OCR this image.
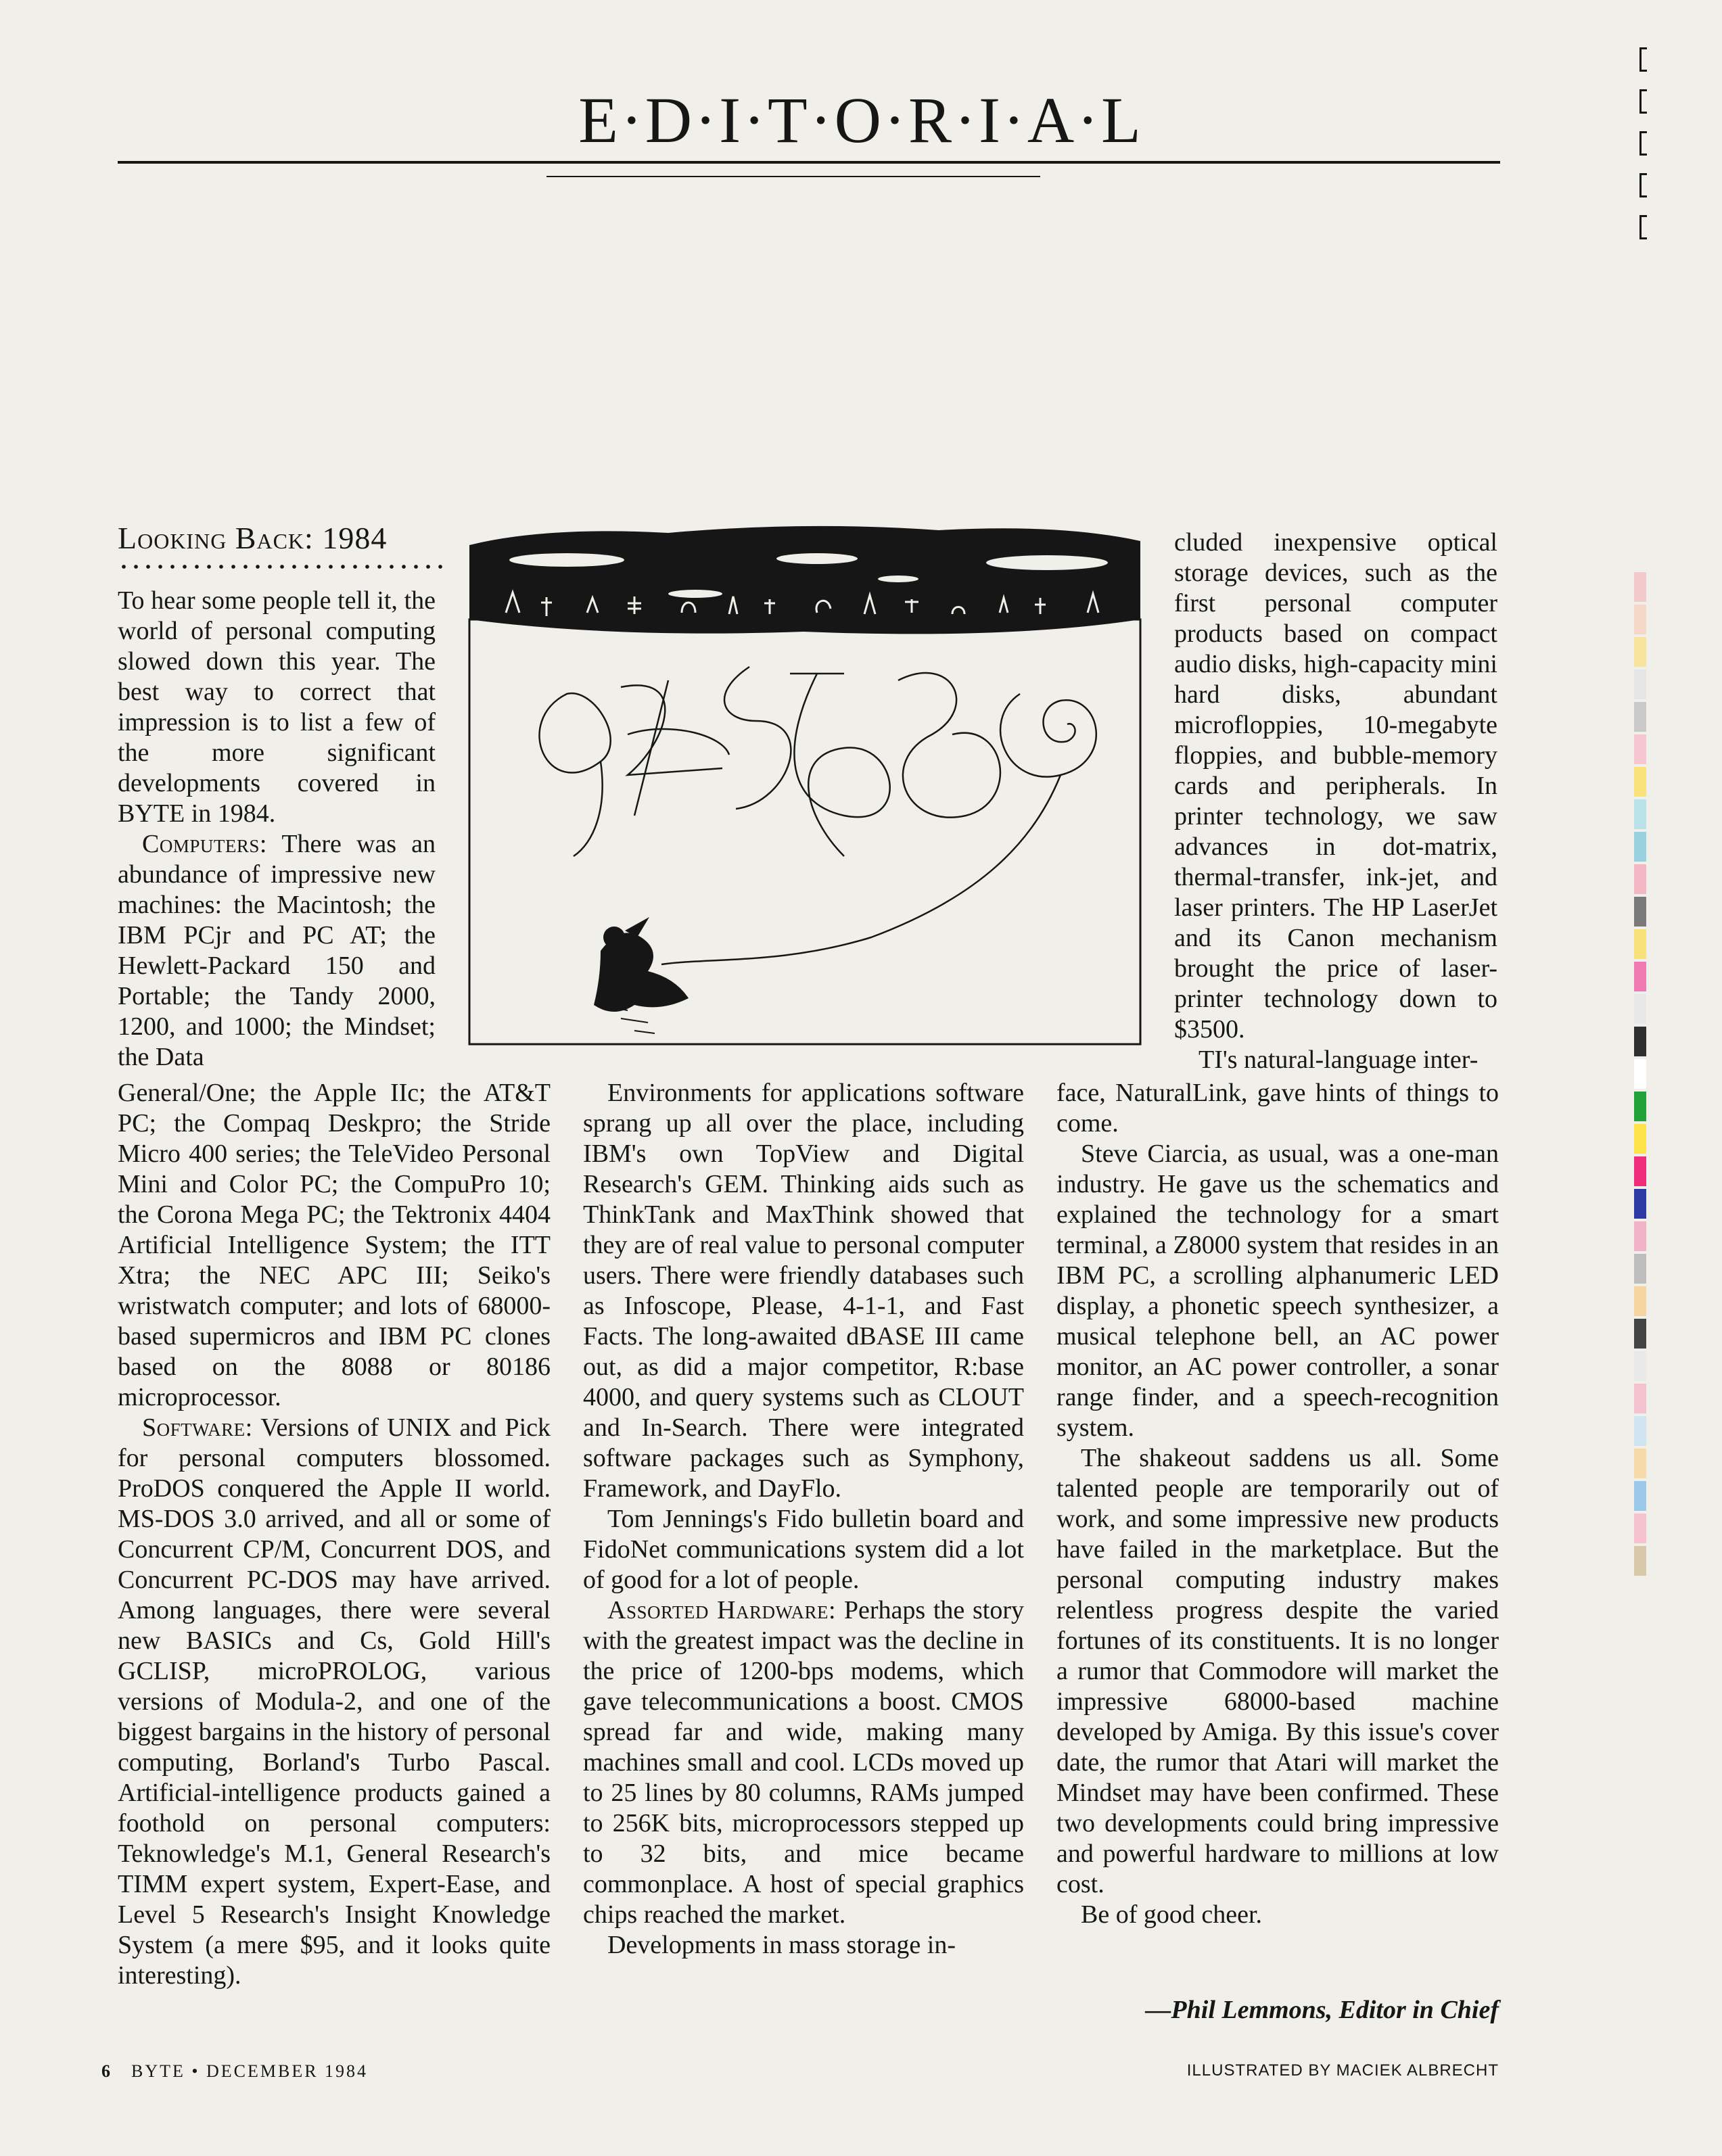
E·D·I·T·O·R·I·A·L
Looking Back: 1984

To hear some people tell it, the world of personal computing slowed down this year. The best way to correct that impression is to list a few of the more significant developments covered in BYTE in 1984.

Computers: There was an abundance of impressive new machines: the Macintosh; the IBM PCjr and PC AT; the Hewlett-Packard 150 and Portable; the Tandy 2000, 1200, and 1000; the Mindset; the Data

General/One; the Apple IIc; the AT&T PC; the Compaq Deskpro; the Stride Micro 400 series; the TeleVideo Personal Mini and Color PC; the CompuPro 10; the Corona Mega PC; the Tektronix 4404 Artificial Intelligence System; the ITT Xtra; the NEC APC III; Seiko's wristwatch computer; and lots of 68000-based supermicros and IBM PC clones based on the 8088 or 80186 microprocessor.

Software: Versions of UNIX and Pick for personal computers blossomed. ProDOS conquered the Apple II world. MS-DOS 3.0 arrived, and all or some of Concurrent CP/M, Concurrent DOS, and Concurrent PC-DOS may have arrived. Among languages, there were several new BASICs and Cs, Gold Hill's GCLISP, microPROLOG, various versions of Modula-2, and one of the biggest bargains in the history of personal computing, Borland's Turbo Pascal. Artificial-intelligence products gained a foothold on personal computers: Teknowledge's M.1, General Research's TIMM expert system, Expert-Ease, and Level 5 Research's Insight Knowledge System (a mere $95, and it looks quite interesting).

Environments for applications software sprang up all over the place, including IBM's own TopView and Digital Research's GEM. Thinking aids such as ThinkTank and MaxThink showed that they are of real value to personal computer users. There were friendly databases such as Infoscope, Please, 4-1-1, and Fast Facts. The long-awaited dBASE III came out, as did a major competitor, R:base 4000, and query systems such as CLOUT and In-Search. There were integrated software packages such as Symphony, Framework, and DayFlo.

Tom Jennings's Fido bulletin board and FidoNet communications system did a lot of good for a lot of people.

Assorted Hardware: Perhaps the story with the greatest impact was the decline in the price of 1200-bps modems, which gave telecommunications a boost. CMOS spread far and wide, making many machines small and cool. LCDs moved up to 25 lines by 80 columns, RAMs jumped to 256K bits, microprocessors stepped up to 32 bits, and mice became commonplace. A host of special graphics chips reached the market.

Developments in mass storage in-

cluded inexpensive optical storage devices, such as the first personal computer products based on compact audio disks, high-capacity mini hard disks, abundant microfloppies, 10-megabyte floppies, and bubble-memory cards and peripherals. In printer technology, we saw advances in dot-matrix, thermal-transfer, ink-jet, and laser printers. The HP LaserJet and its Canon mechanism brought the price of laser-printer technology down to $3500.

TI's natural-language inter-

face, NaturalLink, gave hints of things to come.

Steve Ciarcia, as usual, was a one-man industry. He gave us the schematics and explained the technology for a smart terminal, a Z8000 system that resides in an IBM PC, a scrolling alphanumeric LED display, a phonetic speech synthesizer, a musical telephone bell, an AC power monitor, an AC power controller, a sonar range finder, and a speech-recognition system.

The shakeout saddens us all. Some talented people are temporarily out of work, and some impressive new products have failed in the marketplace. But the personal computing industry makes relentless progress despite the varied fortunes of its constituents. It is no longer a rumor that Commodore will market the impressive 68000-based machine developed by Amiga. By this issue's cover date, the rumor that Atari will market the Mindset may have been confirmed. These two developments could bring impressive and powerful hardware to millions at low cost.

Be of good cheer.

—Phil Lemmons, Editor in Chief
6 BYTE • DECEMBER 1984	ILLUSTRATED BY MACIEK ALBRECHT
